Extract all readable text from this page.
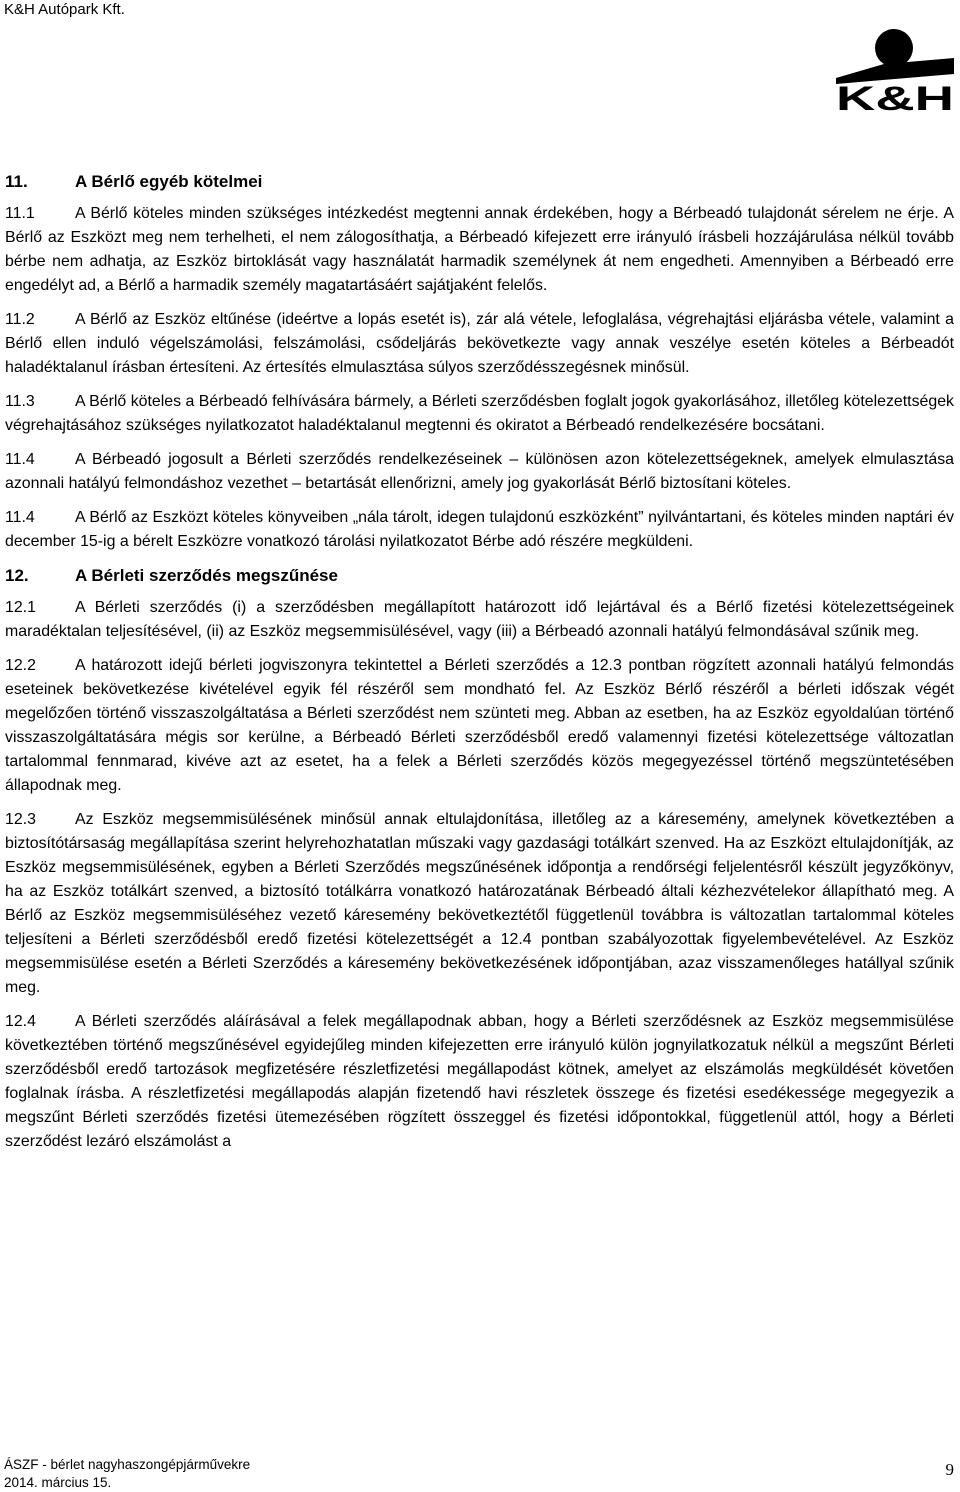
K&H Autópark Kft.
K&H
11.	A Bérlő egyéb kötelmei

11.1	A Bérlő köteles minden szükséges intézkedést megtenni annak érdekében, hogy a Bérbeadó tulajdonát sérelem ne érje. A Bérlő az Eszközt meg nem terhelheti, el nem zálogosíthatja, a Bérbeadó kifejezett erre irányuló írásbeli hozzájárulása nélkül tovább bérbe nem adhatja, az Eszköz birtoklását vagy használatát harmadik személynek át nem engedheti. Amennyiben a Bérbeadó erre engedélyt ad, a Bérlő a harmadik személy magatartásáért sajátjaként felelős.

11.2	A Bérlő az Eszköz eltűnése (ideértve a lopás esetét is), zár alá vétele, lefoglalása, végrehajtási eljárásba vétele, valamint a Bérlő ellen induló végelszámolási, felszámolási, csődeljárás bekövetkezte vagy annak veszélye esetén köteles a Bérbeadót haladéktalanul írásban értesíteni. Az értesítés elmulasztása súlyos szerződésszegésnek minősül.

11.3	A Bérlő köteles a Bérbeadó felhívására bármely, a Bérleti szerződésben foglalt jogok gyakorlásához, illetőleg kötelezettségek végrehajtásához szükséges nyilatkozatot haladéktalanul megtenni és okiratot a Bérbeadó rendelkezésére bocsátani.

11.4	A Bérbeadó jogosult a Bérleti szerződés rendelkezéseinek – különösen azon kötelezettségeknek, amelyek elmulasztása azonnali hatályú felmondáshoz vezethet – betartását ellenőrizni, amely jog gyakorlását Bérlő biztosítani köteles.

11.4	A Bérlő az Eszközt köteles könyveiben „nála tárolt, idegen tulajdonú eszközként” nyilvántartani, és köteles minden naptári év december 15-ig a bérelt Eszközre vonatkozó tárolási nyilatkozatot Bérbe adó részére megküldeni.

12.	A Bérleti szerződés megszűnése

12.1 A Bérleti szerződés (i) a szerződésben megállapított határozott idő lejártával és a Bérlő fizetési kötelezettségeinek maradéktalan teljesítésével, (ii) az Eszköz megsemmisülésével, vagy (iii) a Bérbeadó azonnali hatályú felmondásával szűnik meg.

12.2 A határozott idejű bérleti jogviszonyra tekintettel a Bérleti szerződés a 12.3 pontban rögzített azonnali hatályú felmondás eseteinek bekövetkezése kivételével egyik fél részéről sem mondható fel. Az Eszköz Bérlő részéről a bérleti időszak végét megelőzően történő visszaszolgáltatása a Bérleti szerződést nem szünteti meg. Abban az esetben, ha az Eszköz egyoldalúan történő visszaszolgáltatására mégis sor kerülne, a Bérbeadó Bérleti szerződésből eredő valamennyi fizetési kötelezettsége változatlan tartalommal fennmarad, kivéve azt az esetet, ha a felek a Bérleti szerződés közös megegyezéssel történő megszüntetésében állapodnak meg.

12.3 Az Eszköz megsemmisülésének minősül annak eltulajdonítása, illetőleg az a káresemény, amelynek következtében a biztosítótársaság megállapítása szerint helyrehozhatatlan műszaki vagy gazdasági totálkárt szenved. Ha az Eszközt eltulajdonítják, az Eszköz megsemmisülésének, egyben a Bérleti Szerződés megszűnésének időpontja a rendőrségi feljelentésről készült jegyzőkönyv, ha az Eszköz totálkárt szenved, a biztosító totálkárra vonatkozó határozatának Bérbeadó általi kézhezvételekor állapítható meg. A Bérlő az Eszköz megsemmisüléséhez vezető káresemény bekövetkeztétől függetlenül továbbra is változatlan tartalommal köteles teljesíteni a Bérleti szerződésből eredő fizetési kötelezettségét a 12.4 pontban szabályozottak figyelembevételével. Az Eszköz megsemmisülése esetén a Bérleti Szerződés a káresemény bekövetkezésének időpontjában, azaz visszamenőleges hatállyal szűnik meg.

12.4 A Bérleti szerződés aláírásával a felek megállapodnak abban, hogy a Bérleti szerződésnek az Eszköz megsemmisülése következtében történő megszűnésével egyidejűleg minden kifejezetten erre irányuló külön jognyilatkozatuk nélkül a megszűnt Bérleti szerződésből eredő tartozások megfizetésére részletfizetési megállapodást kötnek, amelyet az elszámolás megküldését követően foglalnak írásba. A részletfizetési megállapodás alapján fizetendő havi részletek összege és fizetési esedékessége megegyezik a megszűnt Bérleti szerződés fizetési ütemezésében rögzített összeggel és fizetési időpontokkal, függetlenül attól, hogy a Bérleti szerződést lezáró elszámolást a

ÁSZF - bérlet nagyhaszongépjárművekre
2014. március 15.
9
